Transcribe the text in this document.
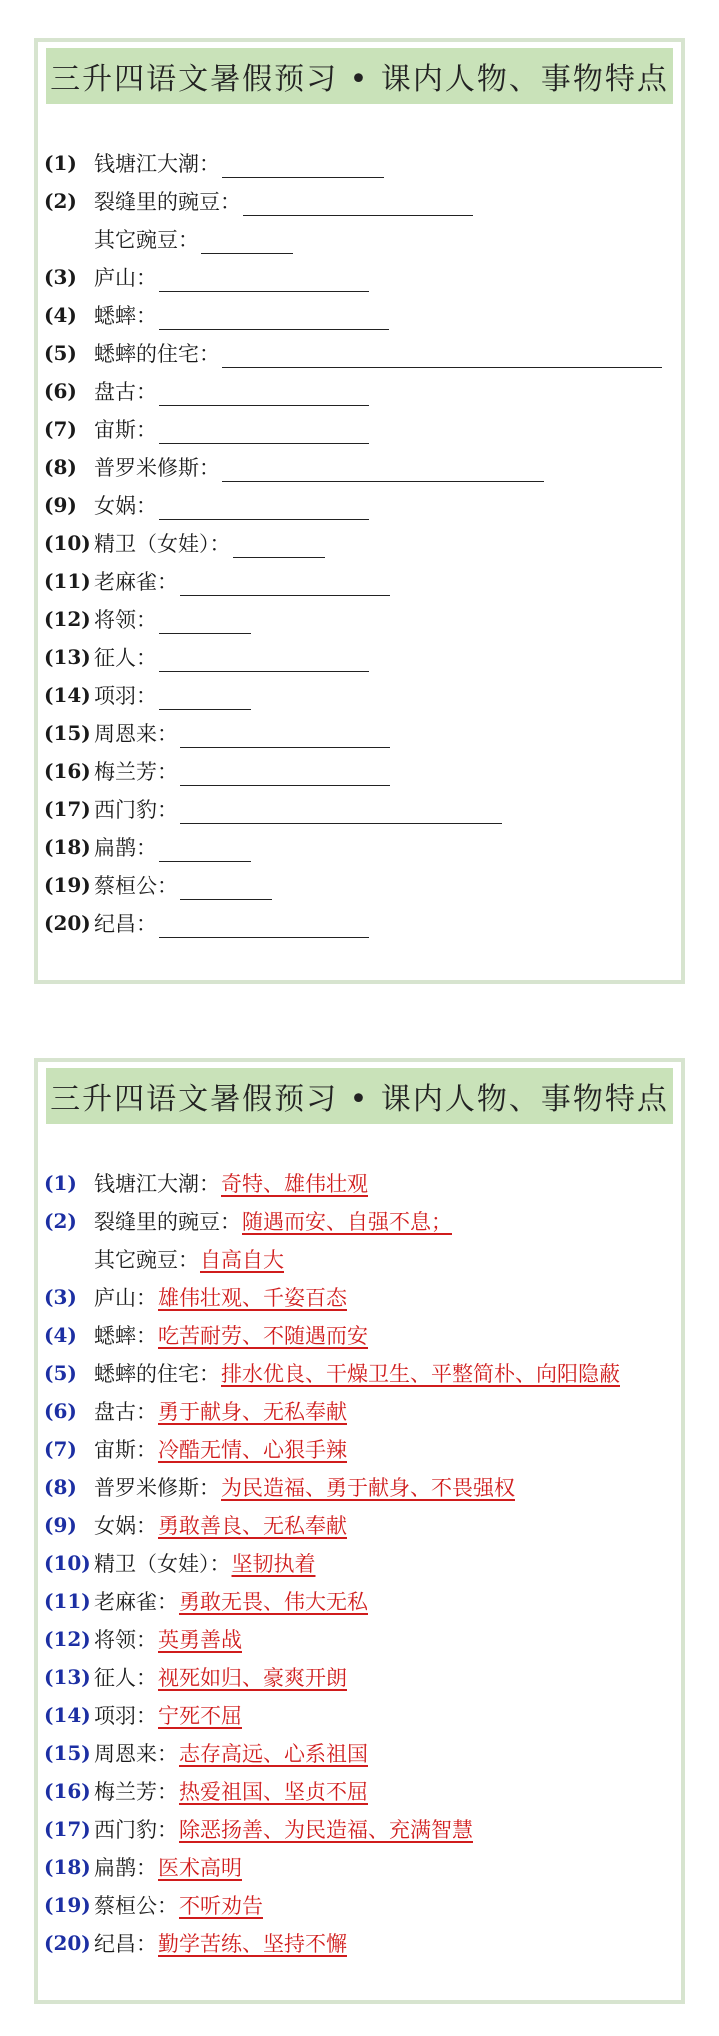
三升四语文暑假预习 • 课内人物、事物特点
(1) 钱塘江大潮：
(2) 裂缝里的豌豆：
其它豌豆：
(3) 庐山：
(4) 蟋蟀：
(5) 蟋蟀的住宅：
(6) 盘古：
(7) 宙斯：
(8) 普罗米修斯：
(9) 女娲：
(10) 精卫（女娃）：
(11) 老麻雀：
(12) 将领：
(13) 征人：
(14) 项羽：
(15) 周恩来：
(16) 梅兰芳：
(17) 西门豹：
(18) 扁鹊：
(19) 蔡桓公：
(20) 纪昌：
三升四语文暑假预习 • 课内人物、事物特点
(1) 钱塘江大潮： 奇特、雄伟壮观
(2) 裂缝里的豌豆： 随遇而安、自强不息；
其它豌豆： 自高自大
(3) 庐山： 雄伟壮观、千姿百态
(4) 蟋蟀： 吃苦耐劳、不随遇而安
(5) 蟋蟀的住宅： 排水优良、干燥卫生、平整简朴、向阳隐蔽
(6) 盘古： 勇于献身、无私奉献
(7) 宙斯： 冷酷无情、心狠手辣
(8) 普罗米修斯： 为民造福、勇于献身、不畏强权
(9) 女娲： 勇敢善良、无私奉献
(10) 精卫（女娃）： 坚韧执着
(11) 老麻雀： 勇敢无畏、伟大无私
(12) 将领： 英勇善战
(13) 征人： 视死如归、豪爽开朗
(14) 项羽： 宁死不屈
(15) 周恩来： 志存高远、心系祖国
(16) 梅兰芳： 热爱祖国、坚贞不屈
(17) 西门豹： 除恶扬善、为民造福、充满智慧
(18) 扁鹊： 医术高明
(19) 蔡桓公： 不听劝告
(20) 纪昌： 勤学苦练、坚持不懈
